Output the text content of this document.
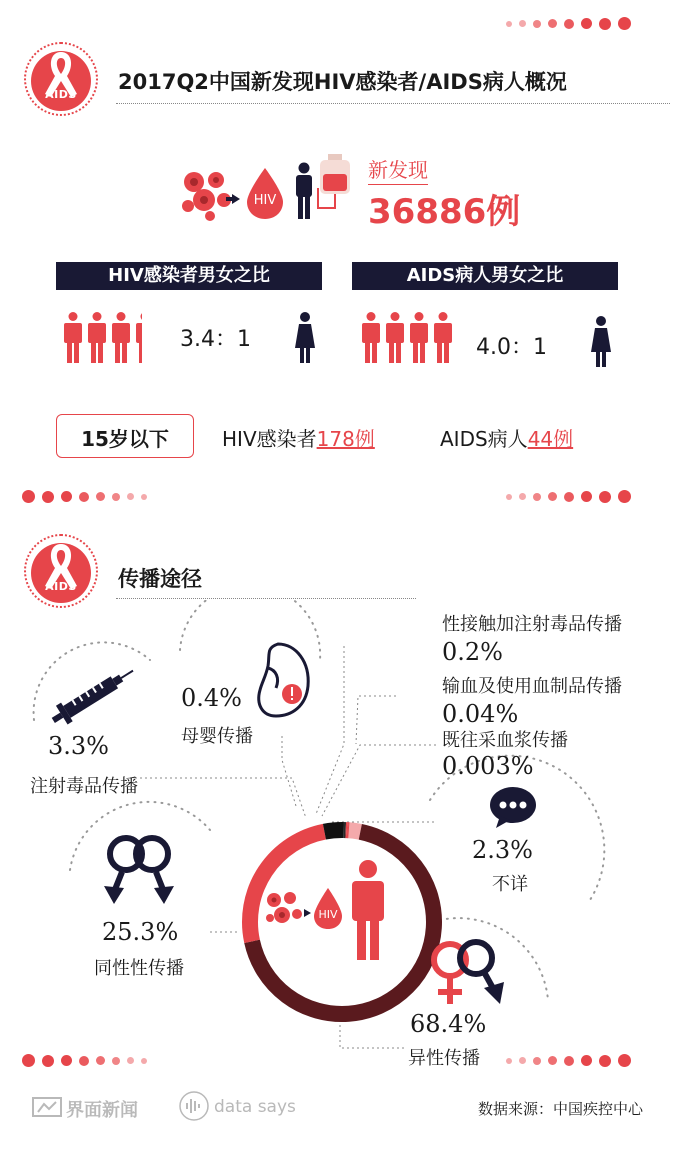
AIDS
2017Q2中国新发现HIV感染者/AIDS病人概况
HIV
新发现
36886例
HIV感染者男女之比	AIDS病人男女之比
3.4：1	4.0：1
15岁以下	HIV感染者178例	AIDS病人44例
AIDS	传播途径
HIV
3.3%
注射毒品传播
0.4%
母婴传播
性接触加注射毒品传播
0.2%
输血及使用血制品传播
0.04%
既往采血浆传播
0.003%
2.3%
不详
25.3%
同性性传播
68.4%
异性传播
界面新闻	data says	数据来源：中国疾控中心
